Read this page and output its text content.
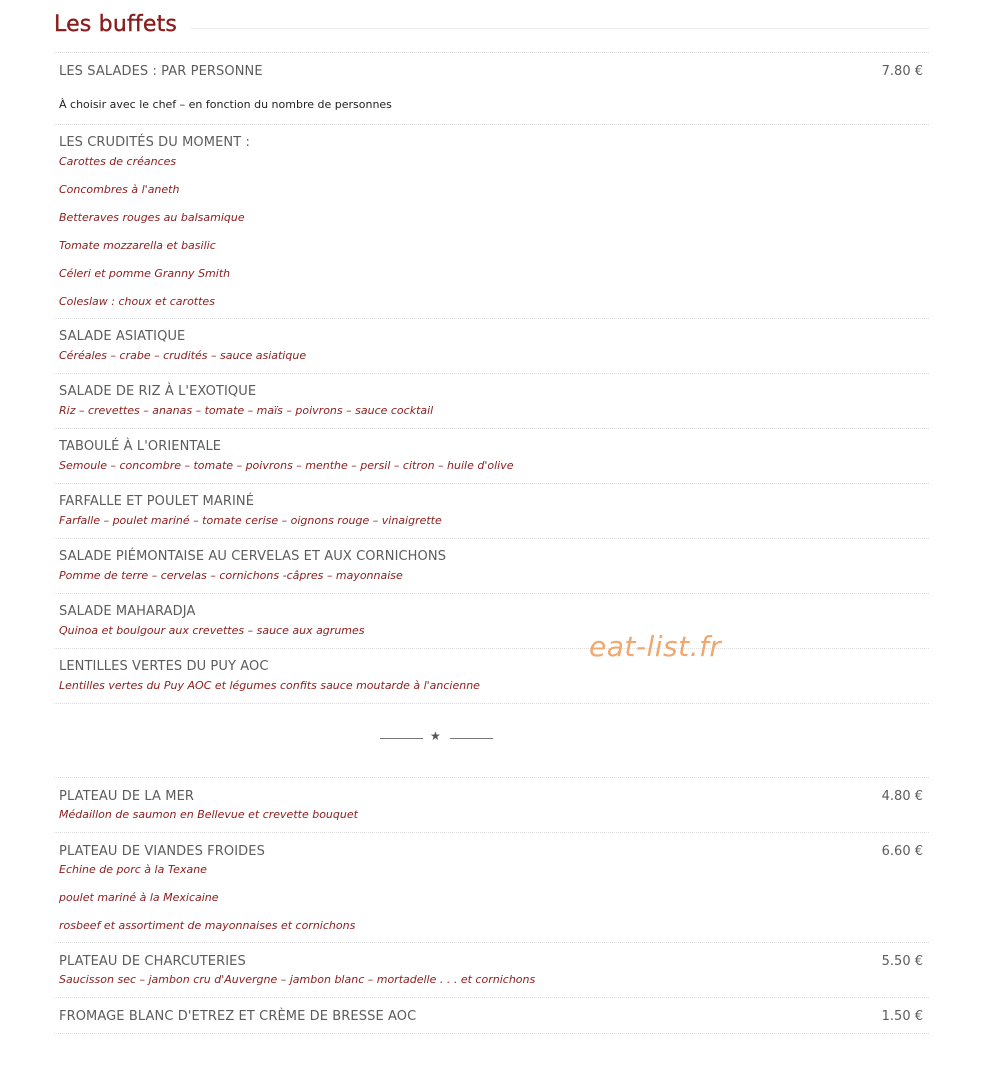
Les buffets
LES SALADES : PAR PERSONNE	7.80 €
À choisir avec le chef – en fonction du nombre de personnes
LES CRUDITÉS DU MOMENT :
Carottes de créances
Concombres à l'aneth
Betteraves rouges au balsamique
Tomate mozzarella et basilic
Céleri et pomme Granny Smith
Coleslaw : choux et carottes
SALADE ASIATIQUE
Céréales – crabe – crudités – sauce asiatique
SALADE DE RIZ À L'EXOTIQUE
Riz – crevettes – ananas – tomate – maïs – poivrons – sauce cocktail
TABOULÉ À L'ORIENTALE
Semoule – concombre – tomate – poivrons – menthe – persil – citron – huile d'olive
FARFALLE ET POULET MARINÉ
Farfalle – poulet mariné – tomate cerise – oignons rouge – vinaigrette
SALADE PIÉMONTAISE AU CERVELAS ET AUX CORNICHONS
Pomme de terre – cervelas – cornichons -câpres – mayonnaise
SALADE MAHARADJA
Quinoa et boulgour aux crevettes – sauce aux agrumes
LENTILLES VERTES DU PUY AOC
Lentilles vertes du Puy AOC et légumes confits sauce moutarde à l'ancienne
PLATEAU DE LA MER	4.80 €
Médaillon de saumon en Bellevue et crevette bouquet
PLATEAU DE VIANDES FROIDES	6.60 €
Echine de porc à la Texane
poulet mariné à la Mexicaine
rosbeef et assortiment de mayonnaises et cornichons
PLATEAU DE CHARCUTERIES	5.50 €
Saucisson sec – jambon cru d'Auvergne – jambon blanc – mortadelle . . . et cornichons
FROMAGE BLANC D'ETREZ ET CRÈME DE BRESSE AOC	1.50 €
★
eat-list.fr
